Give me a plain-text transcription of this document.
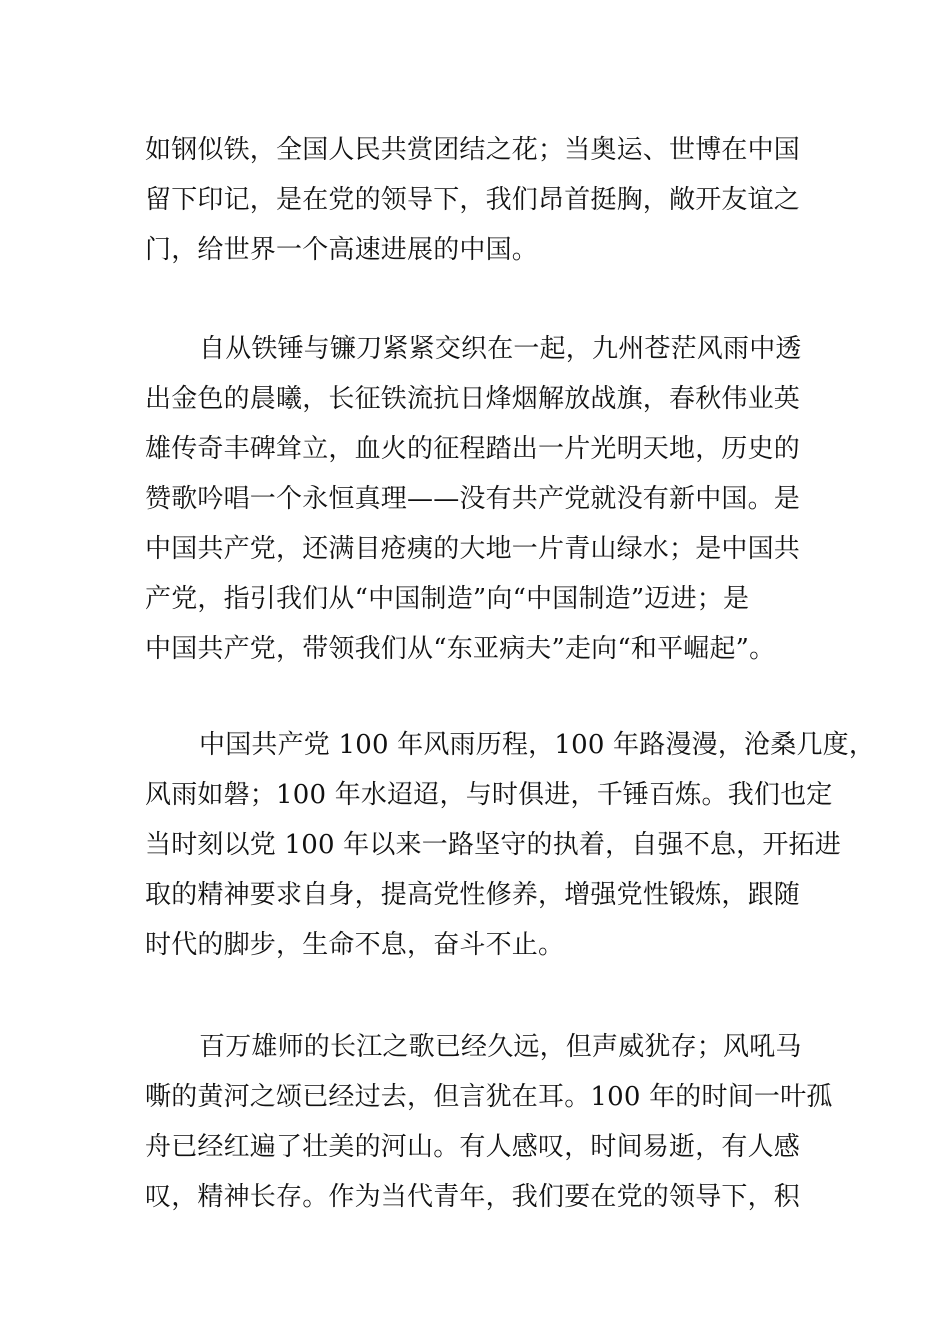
如钢似铁，全国人民共赏团结之花；当奥运、世博在中国
留下印记，是在党的领导下，我们昂首挺胸，敞开友谊之
门，给世界一个高速进展的中国。
自从铁锤与镰刀紧紧交织在一起，九州苍茫风雨中透
出金色的晨曦，长征铁流抗日烽烟解放战旗，春秋伟业英
雄传奇丰碑耸立，血火的征程踏出一片光明天地，历史的
赞歌吟唱一个永恒真理——没有共产党就没有新中国。是
中国共产党，还满目疮痍的大地一片青山绿水；是中国共
产党，指引我们从“中国制造”向“中国制造”迈进；是
中国共产党，带领我们从“东亚病夫”走向“和平崛起”。
中国共产党 100 年风雨历程，100 年路漫漫，沧桑几度，
风雨如磐；100 年水迢迢，与时俱进，千锤百炼。我们也定
当时刻以党 100 年以来一路坚守的执着，自强不息，开拓进
取的精神要求自身，提高党性修养，增强党性锻炼，跟随
时代的脚步，生命不息，奋斗不止。
百万雄师的长江之歌已经久远，但声威犹存；风吼马
嘶的黄河之颂已经过去，但言犹在耳。100 年的时间一叶孤
舟已经红遍了壮美的河山。有人感叹，时间易逝，有人感
叹，精神长存。作为当代青年，我们要在党的领导下，积
